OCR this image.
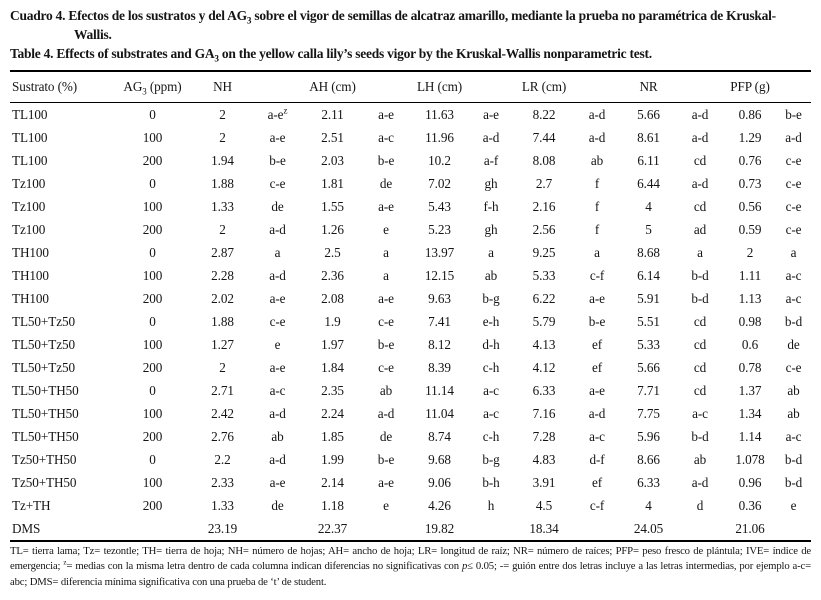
Cuadro 4. Efectos de los sustratos y del $AG_3$ sobre el vigor de semillas de alcatraz amarillo, mediante la prueba no paramétrica de Kruskal-Wallis.

Table 4. Effects of substrates and $GA_3$ on the yellow calla lily’s seeds vigor by the Kruskal-Wallis nonparametric test.

Sustrato (%)	$AG_3$ (ppm)	NH		AH (cm)		LH (cm)		LR (cm)		NR		PFP (g)	
TL100	0	2	$a-e^z$	2.11	a-e	11.63	a-e	8.22	a-d	5.66	a-d	0.86	b-e
TL100	100	2	a-e	2.51	a-c	11.96	a-d	7.44	a-d	8.61	a-d	1.29	a-d
TL100	200	1.94	b-e	2.03	b-e	10.2	a-f	8.08	ab	6.11	cd	0.76	c-e
Tz100	0	1.88	c-e	1.81	de	7.02	gh	2.7	f	6.44	a-d	0.73	c-e
Tz100	100	1.33	de	1.55	a-e	5.43	f-h	2.16	f	4	cd	0.56	c-e
Tz100	200	2	a-d	1.26	e	5.23	gh	2.56	f	5	ad	0.59	c-e
TH100	0	2.87	a	2.5	a	13.97	a	9.25	a	8.68	a	2	a
TH100	100	2.28	a-d	2.36	a	12.15	ab	5.33	c-f	6.14	b-d	1.11	a-c
TH100	200	2.02	a-e	2.08	a-e	9.63	b-g	6.22	a-e	5.91	b-d	1.13	a-c
TL50+Tz50	0	1.88	c-e	1.9	c-e	7.41	e-h	5.79	b-e	5.51	cd	0.98	b-d
TL50+Tz50	100	1.27	e	1.97	b-e	8.12	d-h	4.13	ef	5.33	cd	0.6	de
TL50+Tz50	200	2	a-e	1.84	c-e	8.39	c-h	4.12	ef	5.66	cd	0.78	c-e
TL50+TH50	0	2.71	a-c	2.35	ab	11.14	a-c	6.33	a-e	7.71	cd	1.37	ab
TL50+TH50	100	2.42	a-d	2.24	a-d	11.04	a-c	7.16	a-d	7.75	a-c	1.34	ab
TL50+TH50	200	2.76	ab	1.85	de	8.74	c-h	7.28	a-c	5.96	b-d	1.14	a-c
Tz50+TH50	0	2.2	a-d	1.99	b-e	9.68	b-g	4.83	d-f	8.66	ab	1.078	b-d
Tz50+TH50	100	2.33	a-e	2.14	a-e	9.06	b-h	3.91	ef	6.33	a-d	0.96	b-d
Tz+TH	200	1.33	de	1.18	e	4.26	h	4.5	c-f	4	d	0.36	e
DMS		23.19		22.37		19.82		18.34		24.05		21.06	

TL= tierra lama; Tz= tezontle; TH= tierra de hoja; NH= número de hojas; AH= ancho de hoja; LR= longitud de raíz; NR= número de raíces; PFP= peso fresco de plántula; IVE= índice de emergencia; $^z$= medias con la misma letra dentro de cada columna indican diferencias no significativas con p≤ 0.05; -= guión entre dos letras incluye a las letras intermedias, por ejemplo a-c= abc; DMS= diferencia mínima significativa con una prueba de ‘t’ de student.
